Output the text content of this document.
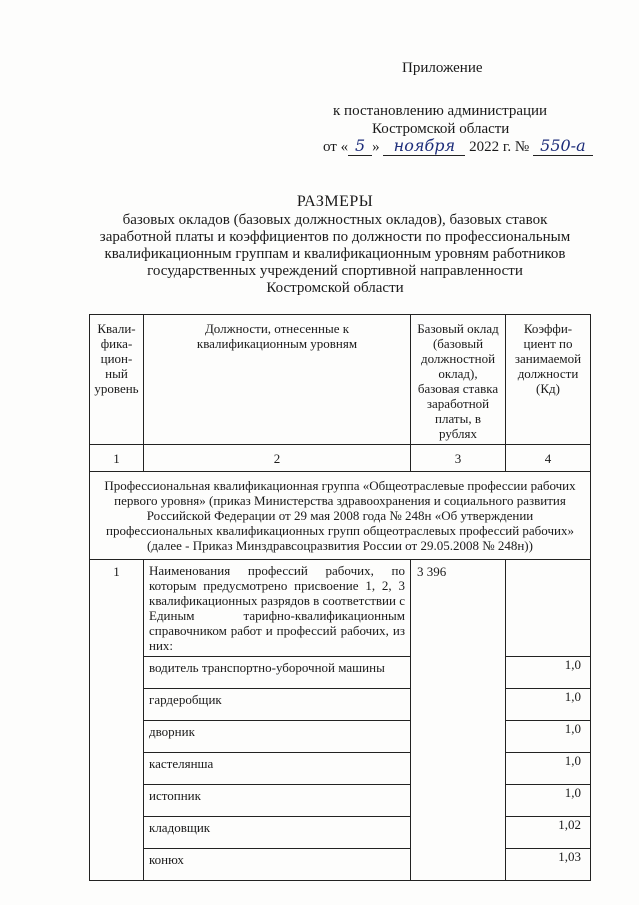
Приложение
к постановлению администрации
Костромской области
от « 5 » ноября 2022 г. № 550-а
РАЗМЕРЫ
базовых окладов (базовых должностных окладов), базовых ставок
заработной платы и коэффициентов по должности по профессиональным
квалификационным группам и квалификационным уровням работников
государственных учреждений спортивной направленности
Костромской области
Квали-фика-цион-ный уровень	Должности, отнесенные к квалификационным уровням	Базовый оклад (базовый должностной оклад), базовая ставка заработной платы, в рублях	Коэффи-циент по занимаемой должности (Кд)
1	2	3	4
Профессиональная квалификационная группа «Общеотраслевые профессии рабочих первого уровня» (приказ Министерства здравоохранения и социального развития Российской Федерации от 29 мая 2008 года № 248н «Об утверждении профессиональных квалификационных групп общеотраслевых профессий рабочих» (далее - Приказ Минздравсоцразвития России от 29.05.2008 № 248н))			
1	Наименования профессий рабочих, по которым предусмотрено присвоение 1, 2, 3 квалификационных разрядов в соответствии с Единым тарифно-квалификационным справочником работ и профессий рабочих, из них:	3 396	
	водитель транспортно-уборочной машины		1,0
	гардеробщик		1,0
	дворник		1,0
	кастелянша		1,0
	истопник		1,0
	кладовщик		1,02
	конюх		1,03
